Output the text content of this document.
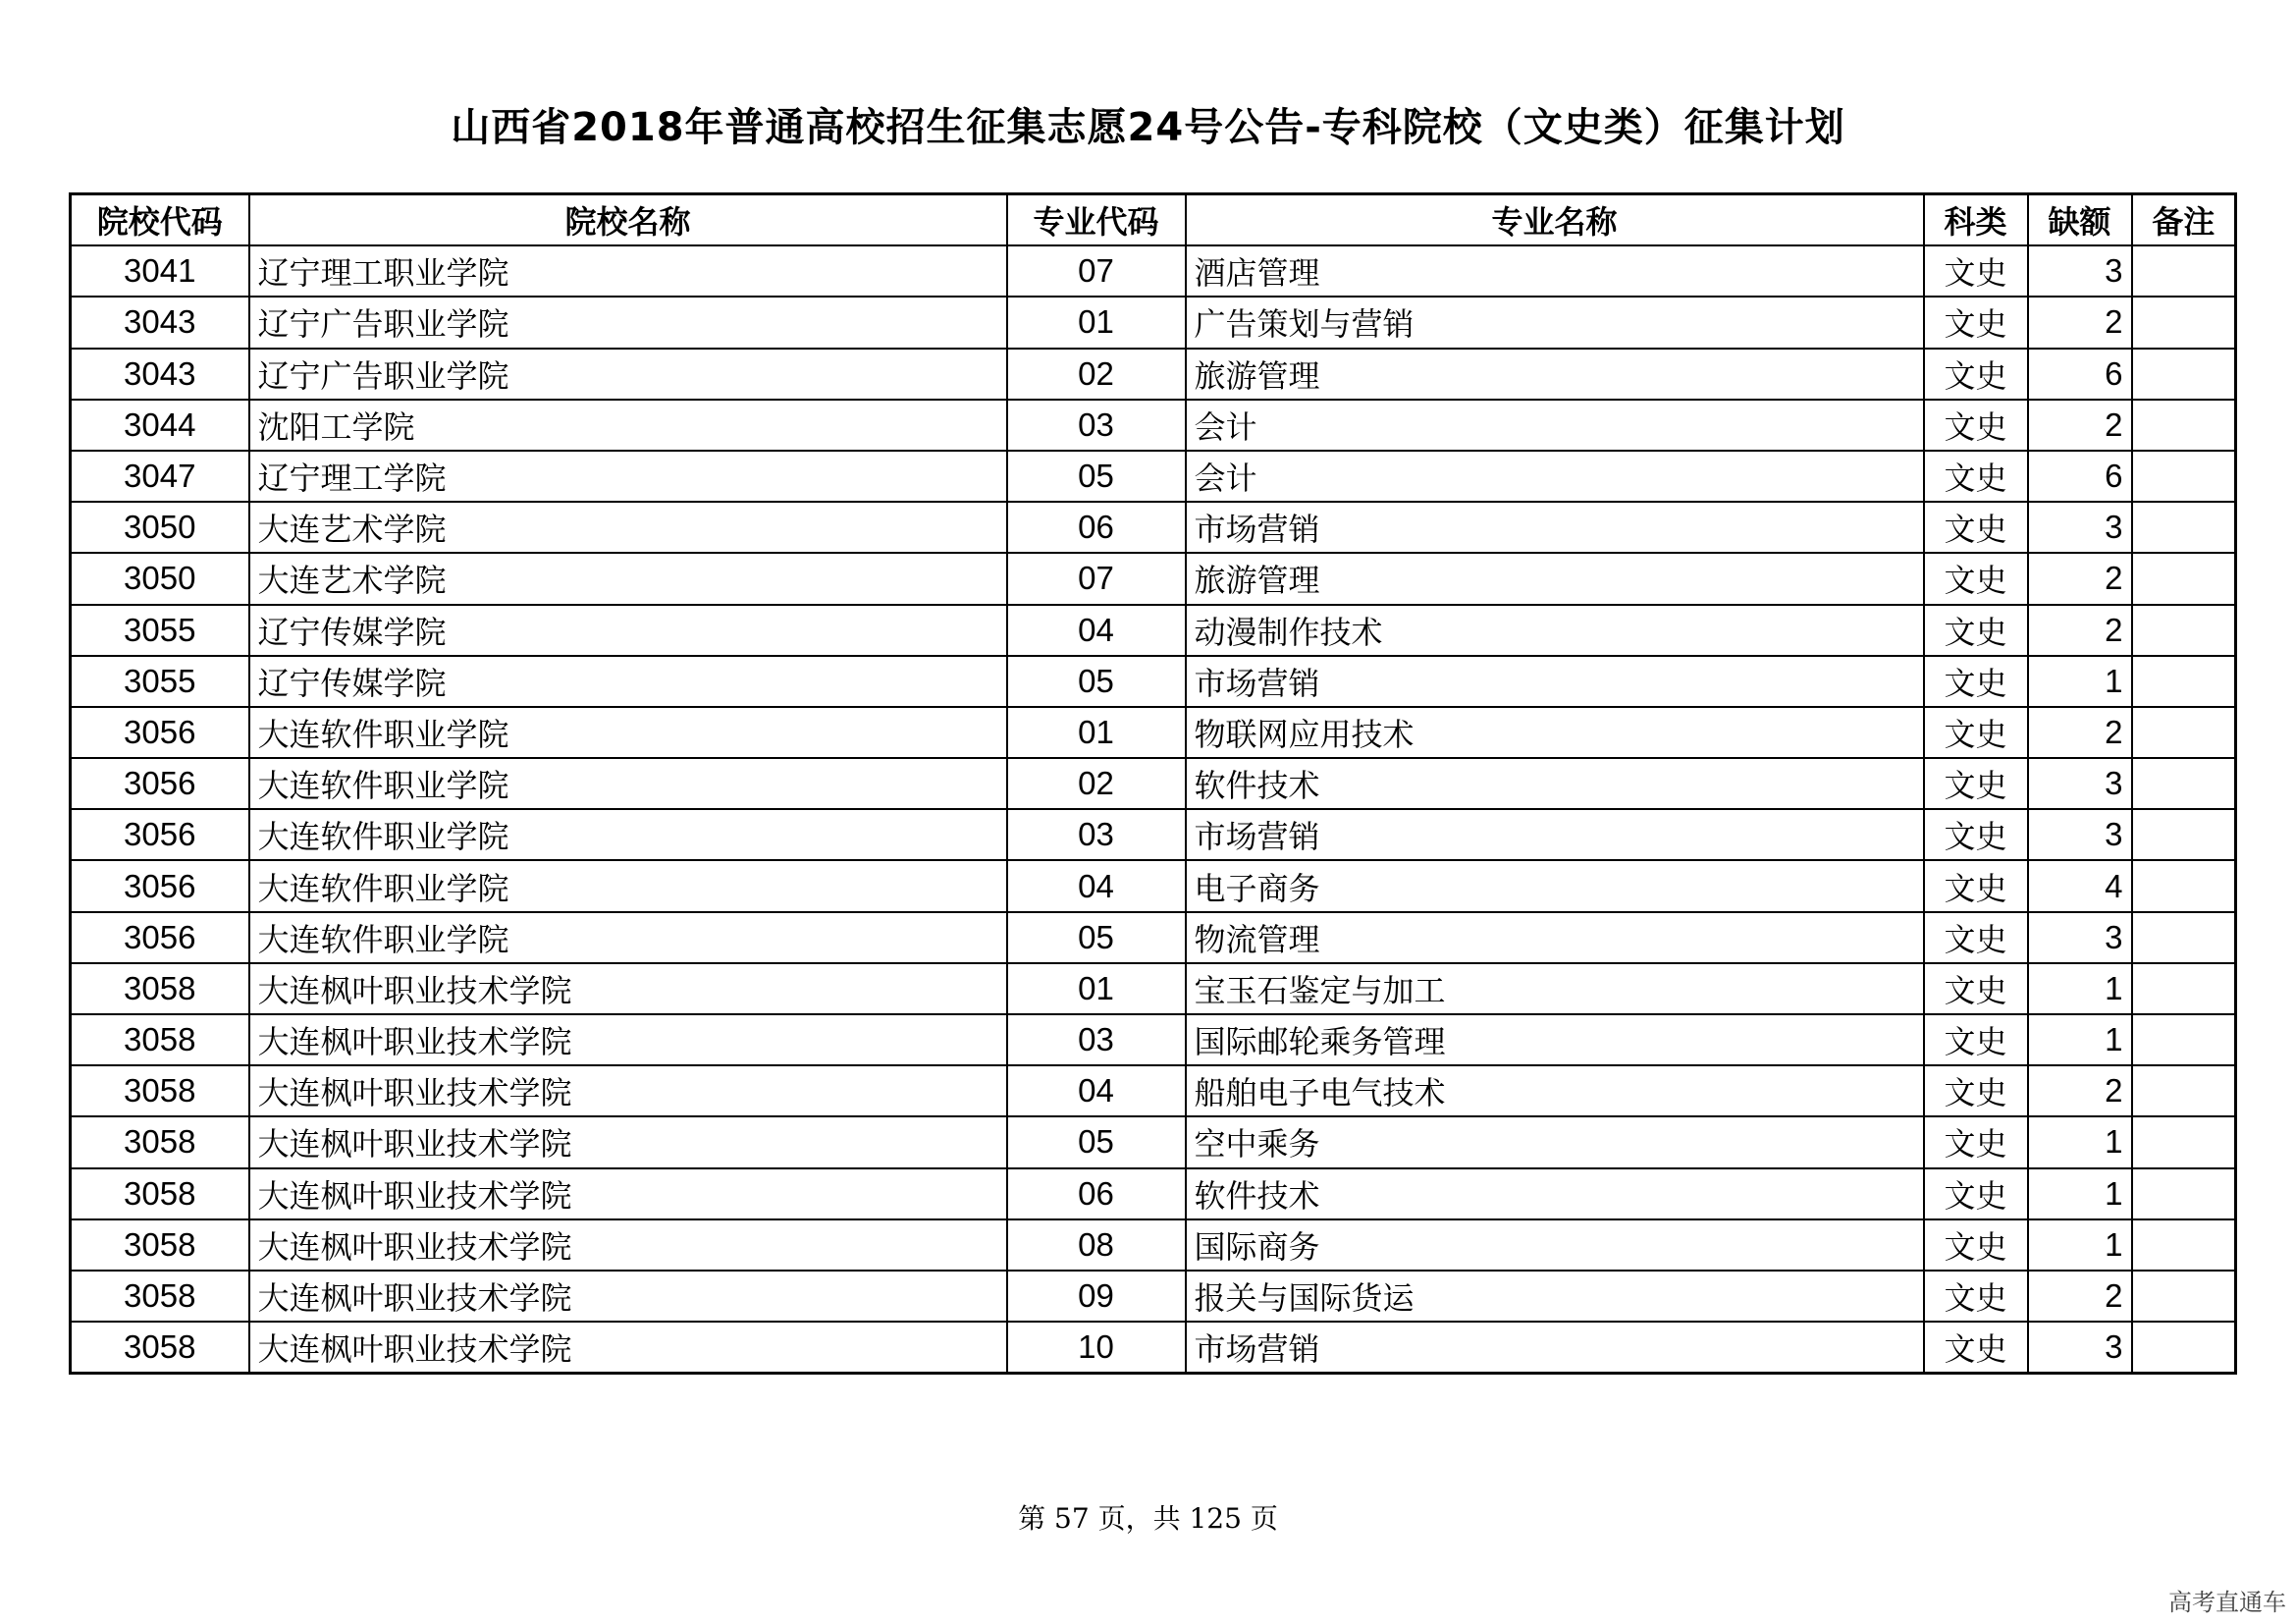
山西省2018年普通高校招生征集志愿24号公告-专科院校（文史类）征集计划
院校代码	院校名称	专业代码	专业名称	科类	缺额	备注
3041	辽宁理工职业学院	07	酒店管理	文史	3	
3043	辽宁广告职业学院	01	广告策划与营销	文史	2	
3043	辽宁广告职业学院	02	旅游管理	文史	6	
3044	沈阳工学院	03	会计	文史	2	
3047	辽宁理工学院	05	会计	文史	6	
3050	大连艺术学院	06	市场营销	文史	3	
3050	大连艺术学院	07	旅游管理	文史	2	
3055	辽宁传媒学院	04	动漫制作技术	文史	2	
3055	辽宁传媒学院	05	市场营销	文史	1	
3056	大连软件职业学院	01	物联网应用技术	文史	2	
3056	大连软件职业学院	02	软件技术	文史	3	
3056	大连软件职业学院	03	市场营销	文史	3	
3056	大连软件职业学院	04	电子商务	文史	4	
3056	大连软件职业学院	05	物流管理	文史	3	
3058	大连枫叶职业技术学院	01	宝玉石鉴定与加工	文史	1	
3058	大连枫叶职业技术学院	03	国际邮轮乘务管理	文史	1	
3058	大连枫叶职业技术学院	04	船舶电子电气技术	文史	2	
3058	大连枫叶职业技术学院	05	空中乘务	文史	1	
3058	大连枫叶职业技术学院	06	软件技术	文史	1	
3058	大连枫叶职业技术学院	08	国际商务	文史	1	
3058	大连枫叶职业技术学院	09	报关与国际货运	文史	2	
3058	大连枫叶职业技术学院	10	市场营销	文史	3	
第 57 页，共 125 页
高考直通车
